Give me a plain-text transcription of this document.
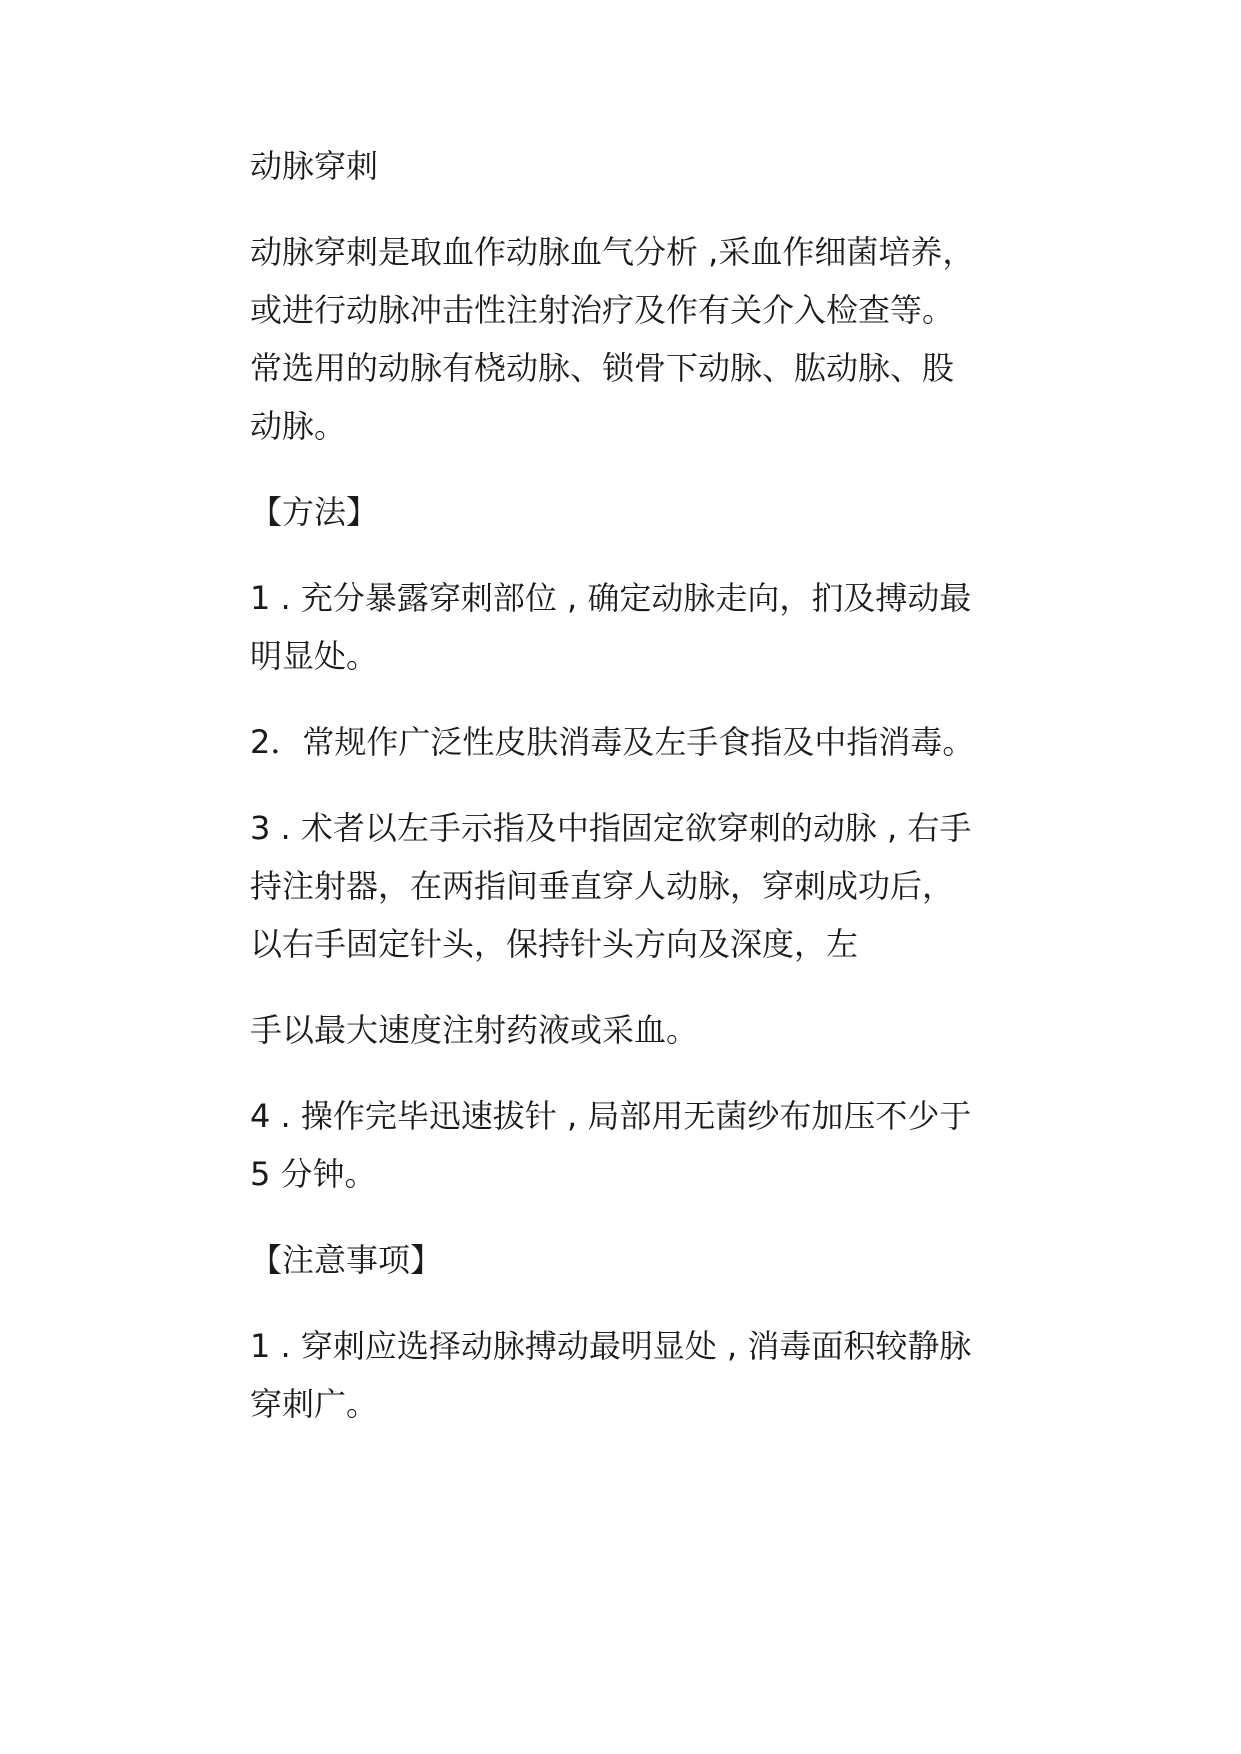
动脉穿刺
动脉穿刺是取血作动脉血气分析 ,采血作细菌培养，
或进行动脉冲击性注射治疗及作有关介入检查等。
常选用的动脉有桡动脉、锁骨下动脉、肱动脉、股
动脉。
【方法】
1 . 充分暴露穿刺部位 , 确定动脉走向，扪及搏动最
明显处。
2．常规作广泛性皮肤消毒及左手食指及中指消毒。
3 . 术者以左手示指及中指固定欲穿刺的动脉 , 右手
持注射器，在两指间垂直穿人动脉，穿刺成功后，
以右手固定针头，保持针头方向及深度，左
手以最大速度注射药液或采血。
4 . 操作完毕迅速拔针 , 局部用无菌纱布加压不少于
5 分钟。
【注意事项】
1 . 穿刺应选择动脉搏动最明显处 , 消毒面积较静脉
穿刺广。
